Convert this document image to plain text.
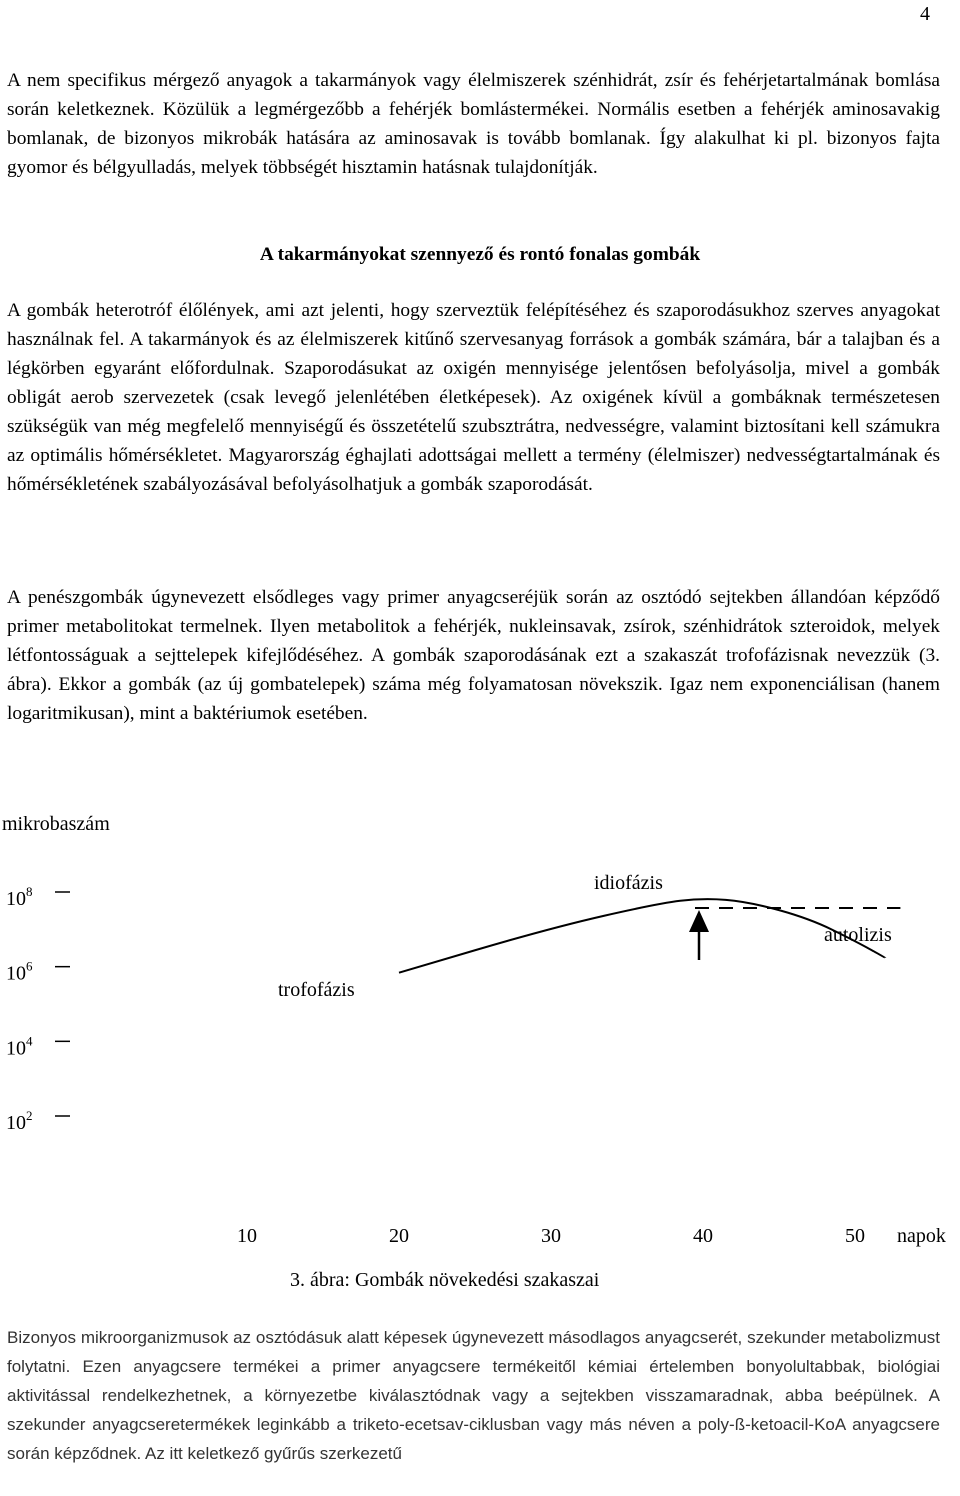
4

A nem specifikus mérgező anyagok a takarmányok vagy élelmiszerek szénhidrát, zsír és fehérjetartalmának bomlása során keletkeznek. Közülük a legmérgezőbb a fehérjék bomlástermékei. Normális esetben a fehérjék aminosavakig bomlanak, de bizonyos mikrobák hatására az aminosavak is tovább bomlanak. Így alakulhat ki pl. bizonyos fajta gyomor és bélgyulladás, melyek többségét hisztamin hatásnak tulajdonítják.

A takarmányokat szennyező és rontó fonalas gombák

A gombák heterotróf élőlények, ami azt jelenti, hogy szerveztük felépítéséhez és szaporodásukhoz szerves anyagokat használnak fel. A takarmányok és az élelmiszerek kitűnő szervesanyag források a gombák számára, bár a talajban és a légkörben egyaránt előfordulnak. Szaporodásukat az oxigén mennyisége jelentősen befolyásolja, mivel a gombák obligát aerob szervezetek (csak levegő jelenlétében életképesek). Az oxigének kívül a gombáknak természetesen szükségük van még megfelelő mennyiségű és összetételű szubsztrátra, nedvességre, valamint biztosítani kell számukra az optimális hőmérsékletet. Magyarország éghajlati adottságai mellett a termény (élelmiszer) nedvességtartalmának és hőmérsékletének szabályozásával befolyásolhatjuk a gombák szaporodását.

A penészgombák úgynevezett elsődleges vagy primer anyagcseréjük során az osztódó sejtekben állandóan képződő primer metabolitokat termelnek. Ilyen metabolitok a fehérjék, nukleinsavak, zsírok, szénhidrátok szteroidok, melyek létfontosságuak a sejttelepek kifejlődéséhez. A gombák szaporodásának ezt a szakaszát trofofázisnak nevezzük (3. ábra). Ekkor a gombák (az új gombatelepek) száma még folyamatosan növekszik. Igaz nem exponenciálisan (hanem logaritmikusan), mint a baktériumok esetében.

mikrobaszám
$10^8$
$10^6$
$10^4$
$10^2$
10	20	30	40	50
trofofázis
idiofázis
autolizis
napok
3. ábra: Gombák növekedési szakaszai

Bizonyos mikroorganizmusok az osztódásuk alatt képesek úgynevezett másodlagos anyagcserét, szekunder metabolizmust folytatni. Ezen anyagcsere termékei a primer anyagcsere termékeitől kémiai értelemben bonyolultabbak, biológiai aktivitással rendelkezhetnek, a környezetbe kiválasztódnak vagy a sejtekben visszamaradnak, abba beépülnek. A szekunder anyagcseretermékek leginkább a triketo-ecetsav-ciklusban vagy más néven a poly-ß-ketoacil-KoA anyagcsere során képződnek. Az itt keletkező gyűrűs szerkezetű
